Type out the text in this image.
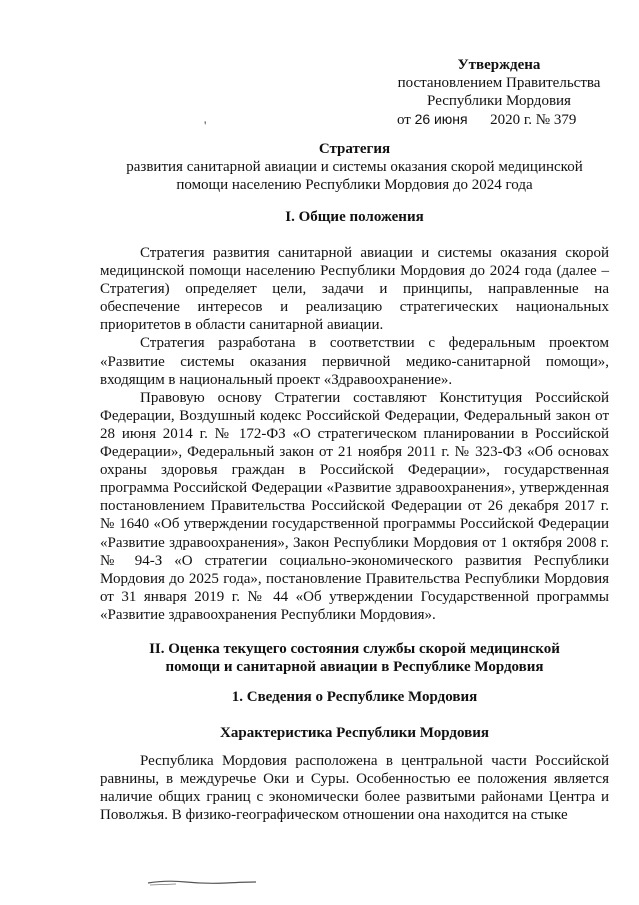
Утверждена
постановлением Правительства
Республики Мордовия
от 26 июня 2020 г. № 379
'
Стратегия
развития санитарной авиации и системы оказания скорой медицинской помощи населению Республики Мордовия до 2024 года
I. Общие положения

Стратегия развития санитарной авиации и системы оказания скорой медицинской помощи населению Республики Мордовия до 2024 года (далее – Стратегия) определяет цели, задачи и принципы, направленные на обеспечение интересов и реализацию стратегических национальных приоритетов в области санитарной авиации.

Стратегия разработана в соответствии с федеральным проектом «Развитие системы оказания первичной медико-санитарной помощи», входящим в национальный проект «Здравоохранение».

Правовую основу Стратегии составляют Конституция Российской Федерации, Воздушный кодекс Российской Федерации, Федеральный закон от 28 июня 2014 г. № 172-ФЗ «О стратегическом планировании в Российской Федерации», Федеральный закон от 21 ноября 2011 г. № 323-ФЗ «Об основах охраны здоровья граждан в Российской Федерации», государственная программа Российской Федерации «Развитие здравоохранения», утвержденная постановлением Правительства Российской Федерации от 26 декабря 2017 г. № 1640 «Об утверждении государственной программы Российской Федерации «Развитие здравоохранения», Закон Республики Мордовия от 1 октября 2008 г. № 94-З «О стратегии социально-экономического развития Республики Мордовия до 2025 года», постановление Правительства Республики Мордовия от 31 января 2019 г. № 44 «Об утверждении Государственной программы «Развитие здравоохранения Республики Мордовия».

II. Оценка текущего состояния службы скорой медицинской
помощи и санитарной авиации в Республике Мордовия
1. Сведения о Республике Мордовия
Характеристика Республики Мордовия

Республика Мордовия расположена в центральной части Российской равнины, в междуречье Оки и Суры. Особенностью ее положения является наличие общих границ с экономически более развитыми районами Центра и Поволжья. В физико-географическом отношении она находится на стыке
